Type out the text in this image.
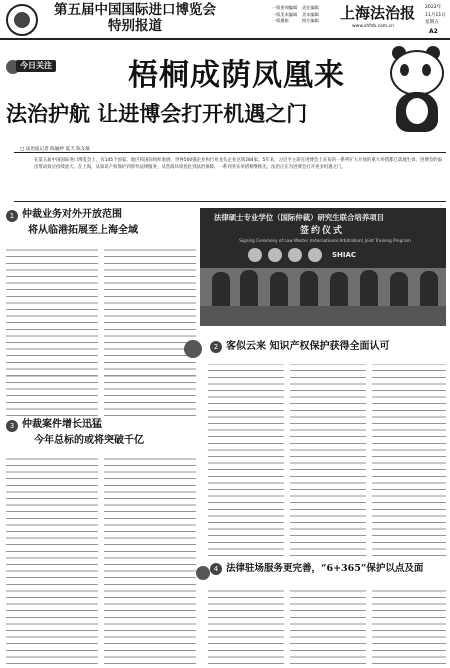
第五届中国国际进口博览会
特别报道
一版要闻编辑
一版美术编辑
一版摄影
责任编辑
美术编辑
图片编辑 上海法治报
www.shfzb.com.cn
2022年
11月11日
星期五
A2
今日关注	梧桐成荫凤凰来
法治护航 让进博会打开机遇之门
□ 法治报记者 陈颖婷 夏天 陈友敏
在第五届中国国际进口博览会上，有145个国家、地区和国际组织参展，世界500强企业和行业龙头企业达到284家。5年来，习近平主席在进博会上宣布的一系列扩大开放的重大举措都已落地生效，进博会的溢出带动效应持续放大。在上海，从知识产权保护到涉外法律服务，从营商环境优化到法治保障，一系列务实举措相继推出，法治正在为进博会打开更多机遇之门。
1 仲裁业务对外开放范围
将从临港拓展至上海全域
法律硕士专业学位（国际仲裁）研究生联合培养项目
签约仪式
Signing Ceremony of Law Master (International Arbitration) Joint Training Program
SHIAC
2 客似云来 知识产权保护获得全面认可
3 仲裁案件增长迅猛
今年总标的或将突破千亿
4 法律驻场服务更完善，“6+365”保护以点及面
